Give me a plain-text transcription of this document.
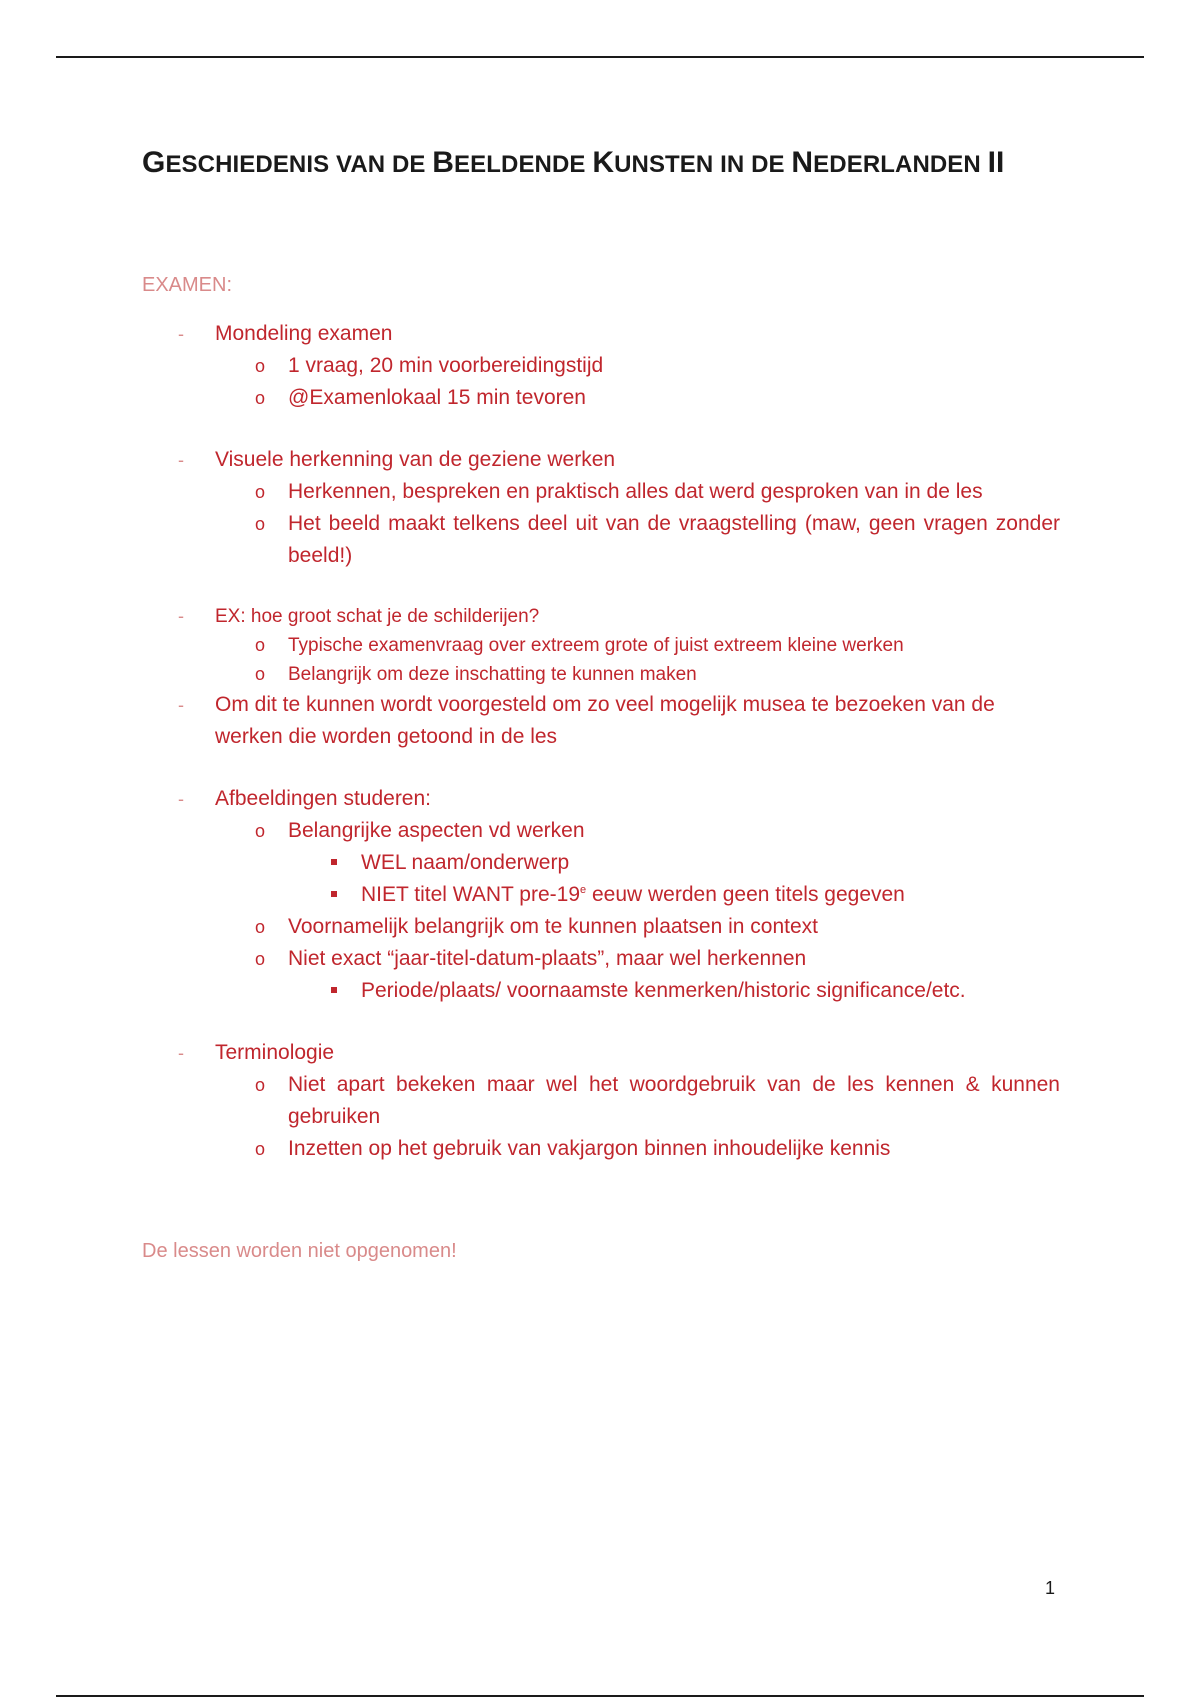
GESCHIEDENIS VAN DE BEELDENDE KUNSTEN IN DE NEDERLANDEN II
EXAMEN:
- Mondeling examen
o 1 vraag, 20 min voorbereidingstijd
o @Examenlokaal 15 min tevoren
- Visuele herkenning van de geziene werken
o Herkennen, bespreken en praktisch alles dat werd gesproken van in de les
o Het beeld maakt telkens deel uit van de vraagstelling (maw, geen vragen zonder beeld!)
- EX: hoe groot schat je de schilderijen?
o Typische examenvraag over extreem grote of juist extreem kleine werken
o Belangrijk om deze inschatting te kunnen maken
- Om dit te kunnen wordt voorgesteld om zo veel mogelijk musea te bezoeken van de werken die worden getoond in de les
- Afbeeldingen studeren:
o Belangrijke aspecten vd werken
WEL naam/onderwerp
NIET titel WANT pre-19e eeuw werden geen titels gegeven
o Voornamelijk belangrijk om te kunnen plaatsen in context
o Niet exact “jaar-titel-datum-plaats”, maar wel herkennen
Periode/plaats/ voornaamste kenmerken/historic significance/etc.
- Terminologie
o Niet apart bekeken maar wel het woordgebruik van de les kennen & kunnen gebruiken
o Inzetten op het gebruik van vakjargon binnen inhoudelijke kennis
De lessen worden niet opgenomen!
1
